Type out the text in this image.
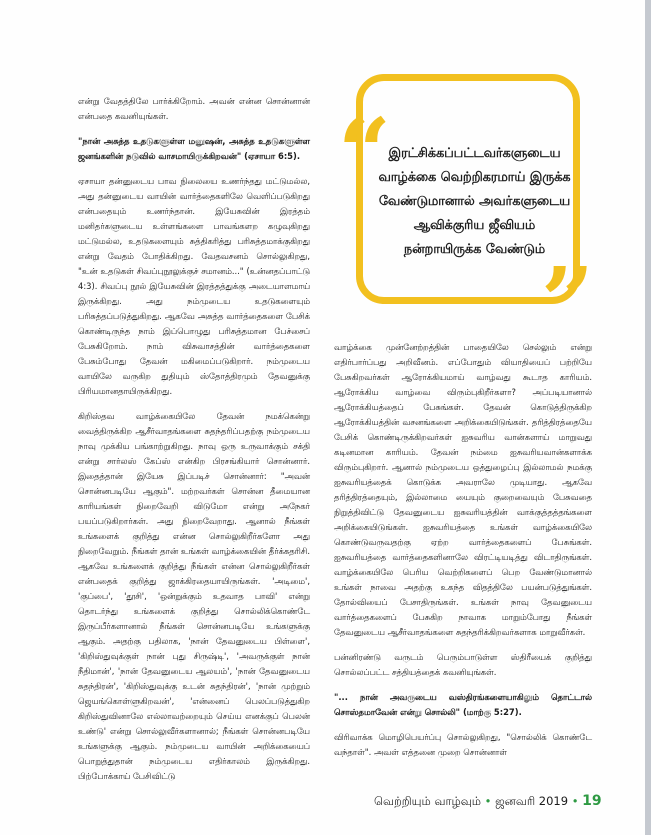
என்று வேதத்திலே பார்க்கிறோம். அவன் என்ன சொன்னான் என்பதை கவனியுங்கள்.

"நான் அசுத்த உதடுகளுள்ள மனுஷன், அசுத்த உதடுகளுள்ள ஜனங்களின் நடுவில் வாசமாயிருக்கிறவன்" (ஏசாயா 6:5).

ஏசாயா தன்னுடைய பாவ நிலையை உணர்ந்தது மட்டுமல்ல, அது தன்னுடைய வாயின் வார்த்தைகளிலே வெளிப்படுகிறது என்பதையும் உணர்ந்தான். இயேசுவின் இரத்தம் மனிதர்களுடைய உள்ளங்களை பாவங்களற கழுவுகிறது மட்டுமல்ல, உதடுகளையும் சுத்திகரித்து பரிசுத்தமாக்குகிறது என்று வேதம் போதிக்கிறது. வேதவசனம் சொல்லுகிறது, "உன் உதடுகள் சிவப்புநூலுக்குச் சமானம்..." (உன்னதப்பாட்டு 4:3). சிவப்பு நூல் இயேசுவின் இரத்தத்துக்கு அடையாளமாய் இருக்கிறது. அது நம்முடைய உதடுகளையும் பரிசுத்தப்படுத்துகிறது. ஆகவே அசுத்த வார்த்தைகளை பேசிக் கொண்டிருந்த நாம் இப்பொழுது பரிசுத்தமான பேச்சைப் பேசுகிறோம். நாம் விசுவாசத்தின் வார்த்தைகளை பேசும்போது தேவன் மகிமைப்படுகிறார். நம்முடைய வாயிலே வருகிற துதியும் ஸ்தோத்திரமும் தேவனுக்கு பிரியமானதாயிருக்கிறது.

கிறிஸ்தவ வாழ்க்கையிலே தேவன் நமக்கென்று வைத்திருக்கிற ஆசீர்வாதங்களை சுதந்தரிப்பதற்கு நம்முடைய நாவு முக்கிய பங்காற்றுகிறது. நாவு ஒரு உருவாக்கும் சக்தி என்று சார்லஸ் கேப்ஸ் என்கிற பிரசங்கியார் சொன்னார். இதைத்தான் இயேசு இப்படிச் சொன்னார்: "அவன் சொன்னபடியே ஆகும்". மற்றவர்கள் சொன்ன தீமையான காரியங்கள் நிறைவேறி விடுமோ என்று அநேகர் பயப்படுகிறார்கள். அது நிறைவேறாது. ஆனால் நீங்கள் உங்களைக் குறித்து என்ன சொல்லுகிறீர்களோ அது நிறைவேறும். நீங்கள் தான் உங்கள் வாழ்க்கையின் தீர்க்கதரிசி. ஆகவே உங்களைக் குறித்து நீங்கள் என்ன சொல்லுகிறீர்கள் என்பதைக் குறித்து ஜாக்கிரதையாயிருங்கள். 'அடிமை', 'குப்பை', 'தூசி', 'ஒன்றுக்கும் உதவாத பாவி' என்று தொடர்ந்து உங்களைக் குறித்து சொல்லிக்கொண்டே இருப்பீர்களானால் நீங்கள் சொன்னபடியே உங்களுக்கு ஆகும். அதற்கு பதிலாக, 'நான் தேவனுடைய பிள்ளை', 'கிறிஸ்துவுக்குள் நான் புது சிருஷ்டி', 'அவருக்குள் நான் நீதிமான்', 'நான் தேவனுடைய ஆலயம்', 'நான் தேவனுடைய சுதந்திரன்', 'கிறிஸ்துவுக்கு உடன் சுதந்திரன்', 'நான் முற்றும் ஜெயங்கொள்ளுகிறவன்', 'என்னைப் பெலப்படுத்துகிற கிறிஸ்துவினாலே எல்லாவற்றையும் செய்ய எனக்குப் பெலன் உண்டு' என்று சொல்லுவீர்களானால்; நீங்கள் சொன்னபடியே உங்களுக்கு ஆகும். நம்முடைய வாயின் அறிக்கையைப் பொறுத்துதான் நம்முடைய எதிர்காலம் இருக்கிறது. பிற்போக்காய் பேசிவிட்டு

“
”
இரட்சிக்கப்பட்டவர்களுடைய
வாழ்க்கை வெற்றிகரமாய் இருக்க
வேண்டுமானால் அவர்களுடைய
ஆவிக்குரிய ஜீவியம்
நன்றாயிருக்க வேண்டும்

வாழ்க்கை முன்னேற்றத்தின் பாதையிலே செல்லும் என்று எதிர்பார்ப்பது அறிவீனம். எப்போதும் வியாதியைப் பற்றியே பேசுகிறவர்கள் ஆரோக்கியமாய் வாழ்வது கூடாத காரியம். ஆரோக்கிய வாழ்வை விரும்புகிறீர்களா? அப்படியானால் ஆரோக்கியத்தைப் பேசுங்கள். தேவன் கொடுத்திருக்கிற ஆரோக்கியத்தின் வசனங்களை அறிக்கையிடுங்கள். தரித்திரத்தையே பேசிக் கொண்டிருக்கிறவர்கள் ஐசுவரிய வான்களாய் மாறுவது கடினமான காரியம். தேவன் நம்மை ஐசுவரியவான்களாக்க விரும்புகிறார். ஆனால் நம்முடைய ஒத்துழைப்பு இல்லாமல் நமக்கு ஐசுவரியத்தைக் கொடுக்க அவராலே முடியாது. ஆகவே தரித்திரத்தையும், இல்லாமை யையும் குறைவையும் பேசுவதை நிறுத்திவிட்டு தேவனுடைய ஐசுவரியத்தின் வாக்குத்தத்தங்களை அறிக்கையிடுங்கள். ஐசுவரியத்தை உங்கள் வாழ்க்கையிலே கொண்டுவருவதற்கு ஏற்ற வார்த்தைகளைப் பேசுங்கள். ஐசுவரியத்தை வார்த்தைகளினாலே விரட்டியடித்து விடாதிருங்கள். வாழ்க்கையிலே பெரிய வெற்றிகளைப் பெற வேண்டுமானால் உங்கள் நாவை அதற்கு உகந்த விதத்திலே பயன்படுத்துங்கள். தோல்வியைப் பேசாதிருங்கள். உங்கள் நாவு தேவனுடைய வார்த்தைகளைப் பேசுகிற நாவாக மாறும்போது நீங்கள் தேவனுடைய ஆசீர்வாதங்களை சுதந்தரிக்கிறவர்களாக மாறுவீர்கள்.

பன்னிரண்டு வருடம் பெரும்பாடுள்ள ஸ்திரீயைக் குறித்து சொல்லப்பட்ட சத்தியத்தைக் கவனியுங்கள்.

"... நான் அவருடைய வஸ்திரங்களையாகிலும் தொட்டால் சொஸ்தமாவேன் என்று சொல்லி" (மாற்கு 5:27).

விரிவாக்க மொழிபெயர்ப்பு சொல்லுகிறது, "சொல்லிக் கொண்டே வந்தாள்". அவள் எத்தனை முறை சொன்னாள்

வெற்றியும் வாழ்வும் • ஜனவரி 2019 • 19
